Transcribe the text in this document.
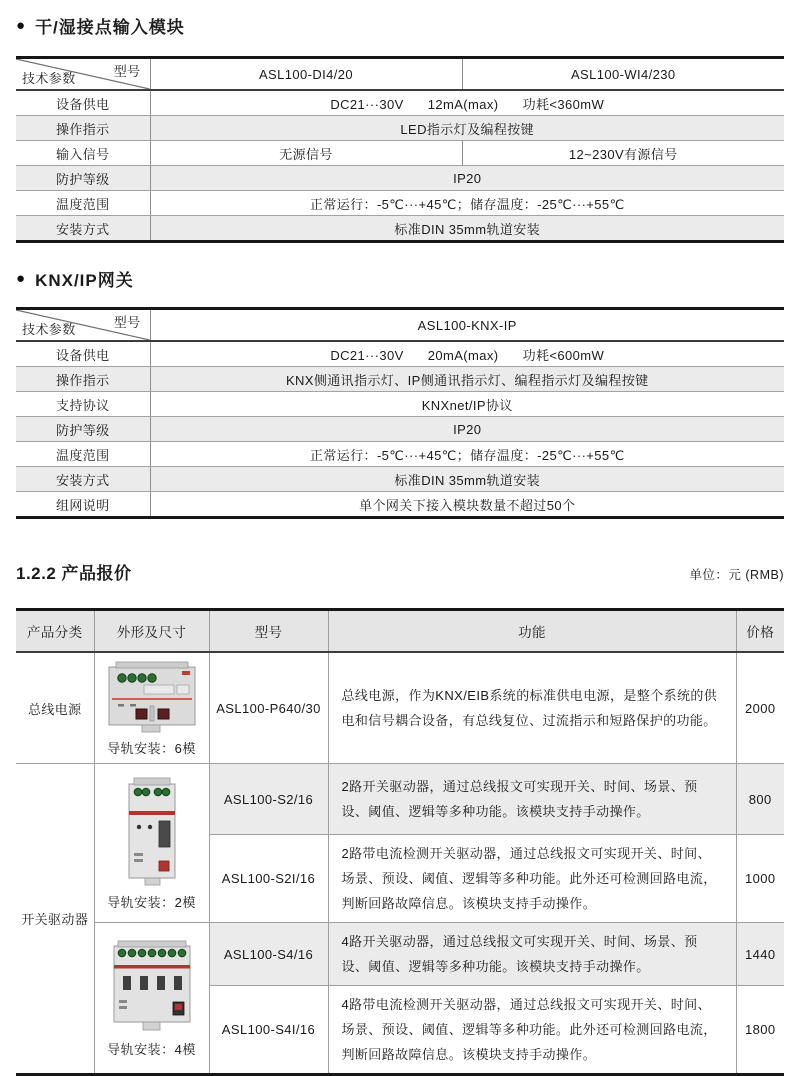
● 干/湿接点输入模块
型号
技术参数	ASL100-DI4/20	ASL100-WI4/230
设备供电	DC21···30V      12mA(max)      功耗<360mW	
操作指示	LED指示灯及编程按键	
输入信号	无源信号	12~230V有源信号
防护等级	IP20	
温度范围	正常运行：-5℃···+45℃；储存温度：-25℃···+55℃	
安装方式	标准DIN 35mm轨道安装	
● KNX/IP网关
型号
技术参数	ASL100-KNX-IP
设备供电	DC21···30V      20mA(max)      功耗<600mW
操作指示	KNX侧通讯指示灯、IP侧通讯指示灯、编程指示灯及编程按键
支持协议	KNXnet/IP协议
防护等级	IP20
温度范围	正常运行：-5℃···+45℃；储存温度：-25℃···+55℃
安装方式	标准DIN 35mm轨道安装
组网说明	单个网关下接入模块数量不超过50个
1.2.2 产品报价	单位：元 (RMB)
产品分类	外形及尺寸	型号	功能	价格
总线电源	导轨安装：6模	ASL100-P640/30	总线电源，作为KNX/EIB系统的标准供电电源，是整个系统的供电和信号耦合设备，有总线复位、过流指示和短路保护的功能。	2000
开关驱动器	导轨安装：2模	ASL100-S2/16	2路开关驱动器，通过总线报文可实现开关、时间、场景、预设、阈值、逻辑等多种功能。该模块支持手动操作。	800
		ASL100-S2I/16	2路带电流检测开关驱动器，通过总线报文可实现开关、时间、场景、预设、阈值、逻辑等多种功能。此外还可检测回路电流，判断回路故障信息。该模块支持手动操作。	1000

	导轨安装：4模	ASL100-S4/16	4路开关驱动器，通过总线报文可实现开关、时间、场景、预设、阈值、逻辑等多种功能。该模块支持手动操作。	1440
		ASL100-S4I/16	4路带电流检测开关驱动器，通过总线报文可实现开关、时间、场景、预设、阈值、逻辑等多种功能。此外还可检测回路电流，判断回路故障信息。该模块支持手动操作。	1800
